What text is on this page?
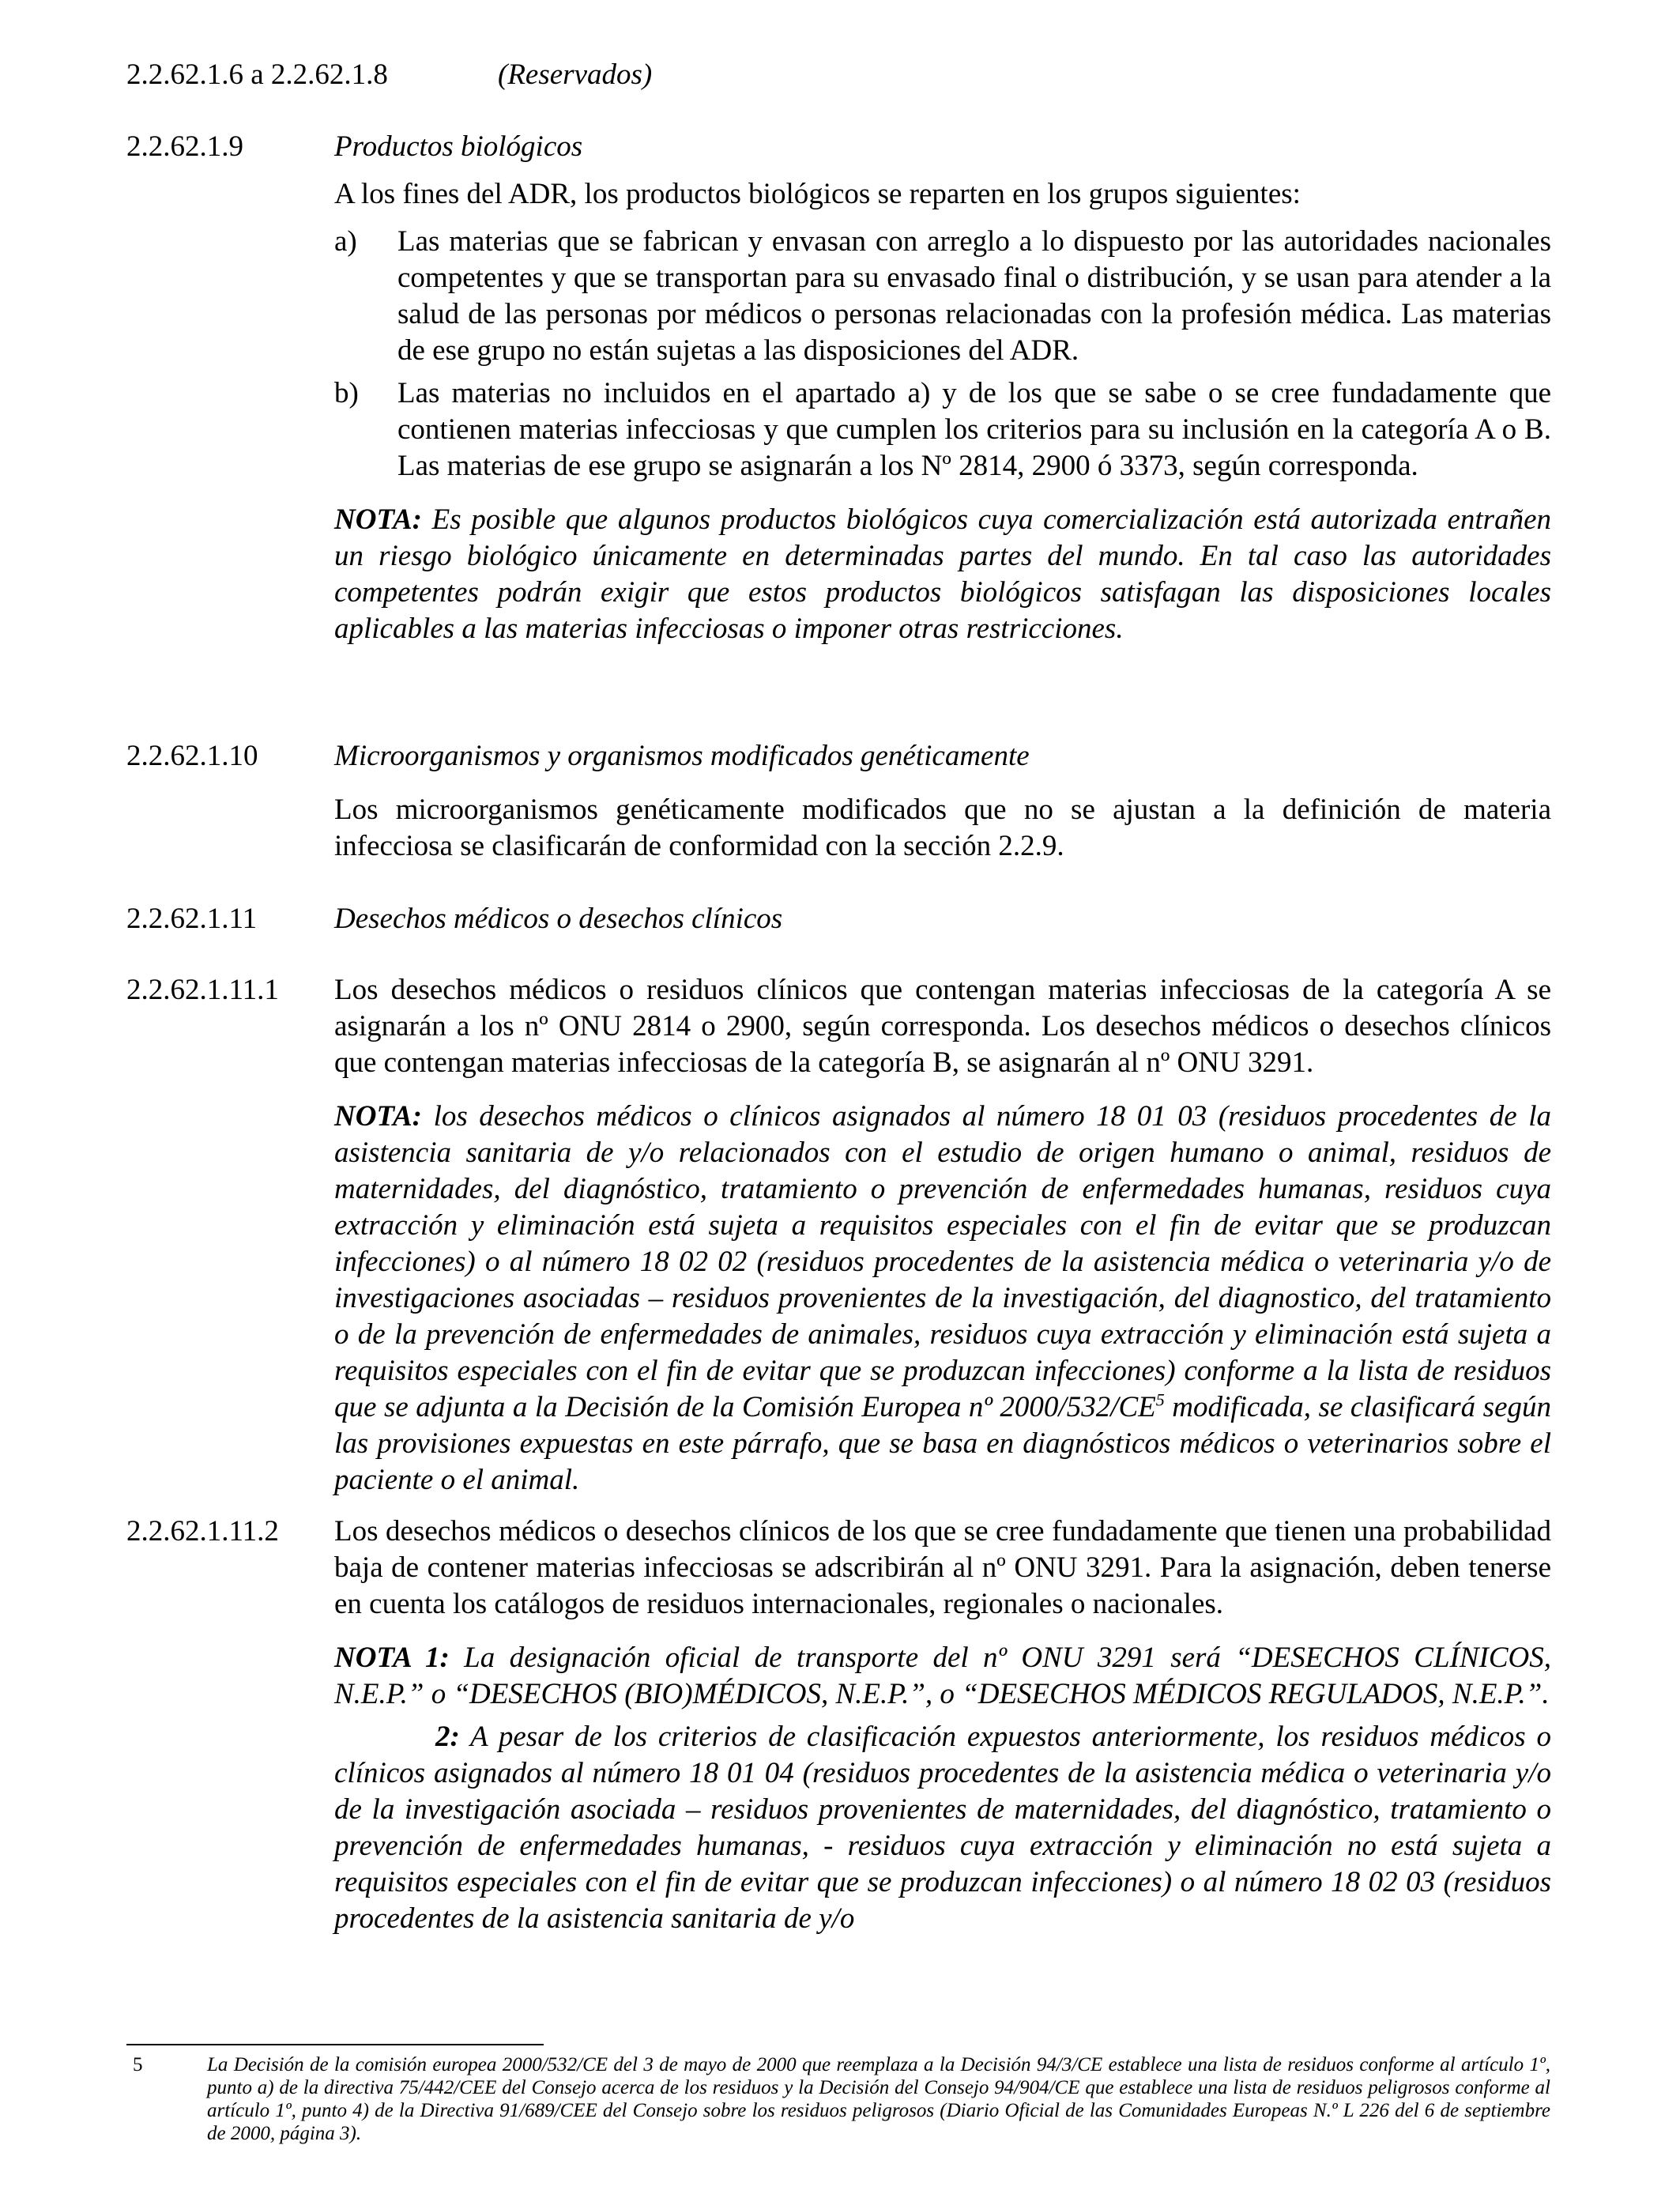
2.2.62.1.6 a 2.2.62.1.8	(Reservados)
2.2.62.1.9	Productos biológicos

A los fines del ADR, los productos biológicos se reparten en los grupos siguientes:

a) Las materias que se fabrican y envasan con arreglo a lo dispuesto por las autoridades nacionales competentes y que se transportan para su envasado final o distribución, y se usan para atender a la salud de las personas por médicos o personas relacionadas con la profesión médica. Las materias de ese grupo no están sujetas a las disposiciones del ADR.
b) Las materias no incluidos en el apartado a) y de los que se sabe o se cree fundadamente que contienen materias infecciosas y que cumplen los criterios para su inclusión en la categoría A o B. Las materias de ese grupo se asignarán a los Nº 2814, 2900 ó 3373, según corresponda.

NOTA: Es posible que algunos productos biológicos cuya comercialización está autorizada entrañen un riesgo biológico únicamente en determinadas partes del mundo. En tal caso las autoridades competentes podrán exigir que estos productos biológicos satisfagan las disposiciones locales aplicables a las materias infecciosas o imponer otras restricciones.

2.2.62.1.10	Microorganismos y organismos modificados genéticamente

Los microorganismos genéticamente modificados que no se ajustan a la definición de materia infecciosa se clasificarán de conformidad con la sección 2.2.9.

2.2.62.1.11	Desechos médicos o desechos clínicos

2.2.62.1.11.1 Los desechos médicos o residuos clínicos que contengan materias infecciosas de la categoría A se asignarán a los nº ONU 2814 o 2900, según corresponda. Los desechos médicos o desechos clínicos que contengan materias infecciosas de la categoría B, se asignarán al nº ONU 3291.

NOTA: los desechos médicos o clínicos asignados al número 18 01 03 (residuos procedentes de la asistencia sanitaria de y/o relacionados con el estudio de origen humano o animal, residuos de maternidades, del diagnóstico, tratamiento o prevención de enfermedades humanas, residuos cuya extracción y eliminación está sujeta a requisitos especiales con el fin de evitar que se produzcan infecciones) o al número 18 02 02 (residuos procedentes de la asistencia médica o veterinaria y/o de investigaciones asociadas – residuos provenientes de la investigación, del diagnostico, del tratamiento o de la prevención de enfermedades de animales, residuos cuya extracción y eliminación está sujeta a requisitos especiales con el fin de evitar que se produzcan infecciones) conforme a la lista de residuos que se adjunta a la Decisión de la Comisión Europea nº $2000/532/CE^5$ modificada, se clasificará según las provisiones expuestas en este párrafo, que se basa en diagnósticos médicos o veterinarios sobre el paciente o el animal.

2.2.62.1.11.2 Los desechos médicos o desechos clínicos de los que se cree fundadamente que tienen una probabilidad baja de contener materias infecciosas se adscribirán al nº ONU 3291. Para la asignación, deben tenerse en cuenta los catálogos de residuos internacionales, regionales o nacionales.

NOTA 1: La designación oficial de transporte del nº ONU 3291 será “DESECHOS CLÍNICOS, N.E.P.” o “DESECHOS (BIO)MÉDICOS, N.E.P.”, o “DESECHOS MÉDICOS REGULADOS, N.E.P.”.

2: A pesar de los criterios de clasificación expuestos anteriormente, los residuos médicos o clínicos asignados al número 18 01 04 (residuos procedentes de la asistencia médica o veterinaria y/o de la investigación asociada – residuos provenientes de maternidades, del diagnóstico, tratamiento o prevención de enfermedades humanas, - residuos cuya extracción y eliminación no está sujeta a requisitos especiales con el fin de evitar que se produzcan infecciones) o al número 18 02 03 (residuos procedentes de la asistencia sanitaria de y/o

5	La Decisión de la comisión europea 2000/532/CE del 3 de mayo de 2000 que reemplaza a la Decisión 94/3/CE establece una lista de residuos conforme al artículo 1º, punto a) de la directiva 75/442/CEE del Consejo acerca de los residuos y la Decisión del Consejo 94/904/CE que establece una lista de residuos peligrosos conforme al artículo 1º, punto 4) de la Directiva 91/689/CEE del Consejo sobre los residuos peligrosos (Diario Oficial de las Comunidades Europeas N.º L 226 del 6 de septiembre de 2000, página 3).
